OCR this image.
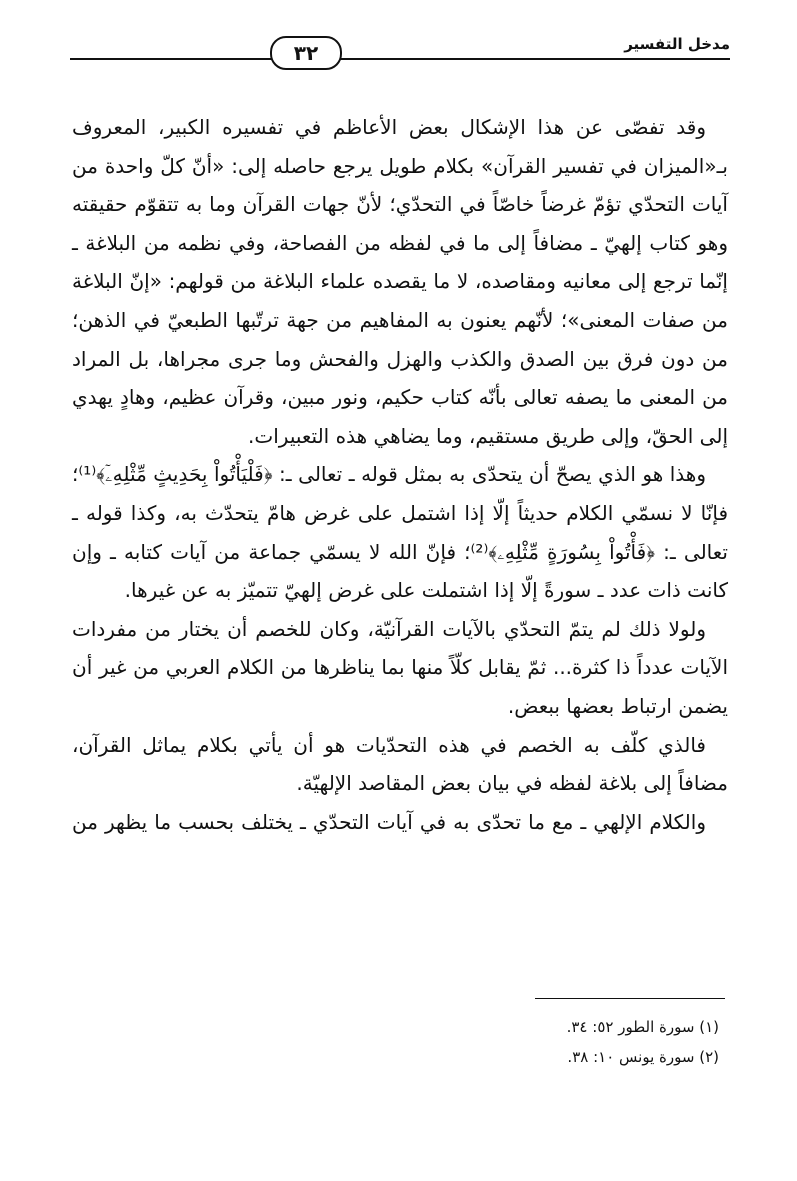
مدخل التفسير
٣٢

وقد تفصّى عن هذا الإشكال بعض الأعاظم في تفسيره الكبير، المعروف بـ«الميزان في تفسير القرآن» بكلام طويل يرجع حاصله إلى: «أنّ كلّ واحدة من آيات التحدّي تؤمّ غرضاً خاصّاً في التحدّي؛ لأنّ جهات القرآن وما به تتقوّم حقيقته وهو كتاب إلهيّ ـ مضافاً إلى ما في لفظه من الفصاحة، وفي نظمه من البلاغة ـ إنّما ترجع إلى معانيه ومقاصده، لا ما يقصده علماء البلاغة من قولهم: «إنّ البلاغة من صفات المعنى»؛ لأنّهم يعنون به المفاهيم من جهة ترتّبها الطبعيّ في الذهن؛ من دون فرق بين الصدق والكذب والهزل والفحش وما جرى مجراها، بل المراد من المعنى ما يصفه تعالى بأنّه كتاب حكيم، ونور مبين، وقرآن عظيم، وهادٍ يهدي إلى الحقّ، وإلى طريق مستقيم، وما يضاهي هذه التعبيرات.

وهذا هو الذي يصحّ أن يتحدّى به بمثل قوله ـ تعالى ـ: ﴿فَلْيَأْتُواْ بِحَدِيثٍ مِّثْلِهِۦٓ﴾⁽¹⁾؛ فإنّا لا نسمّي الكلام حديثاً إلّا إذا اشتمل على غرض هامّ يتحدّث به، وكذا قوله ـ تعالى ـ: ﴿فَأْتُواْ بِسُورَةٍ مِّثْلِهِۦ﴾⁽²⁾؛ فإنّ الله لا يسمّي جماعة من آيات كتابه ـ وإن كانت ذات عدد ـ سورةً إلّا إذا اشتملت على غرض إلهيّ تتميّز به عن غيرها.

ولولا ذلك لم يتمّ التحدّي بالآيات القرآنيّة، وكان للخصم أن يختار من مفردات الآيات عدداً ذا كثرة... ثمّ يقابل كلّاً منها بما يناظرها من الكلام العربي من غير أن يضمن ارتباط بعضها ببعض.

فالذي كلّف به الخصم في هذه التحدّيات هو أن يأتي بكلام يماثل القرآن، مضافاً إلى بلاغة لفظه في بيان بعض المقاصد الإلهيّة.

والكلام الإلهي ـ مع ما تحدّى به في آيات التحدّي ـ يختلف بحسب ما يظهر من

(١) سورة الطور ٥٢: ٣٤.

(٢) سورة يونس ١٠: ٣٨.
